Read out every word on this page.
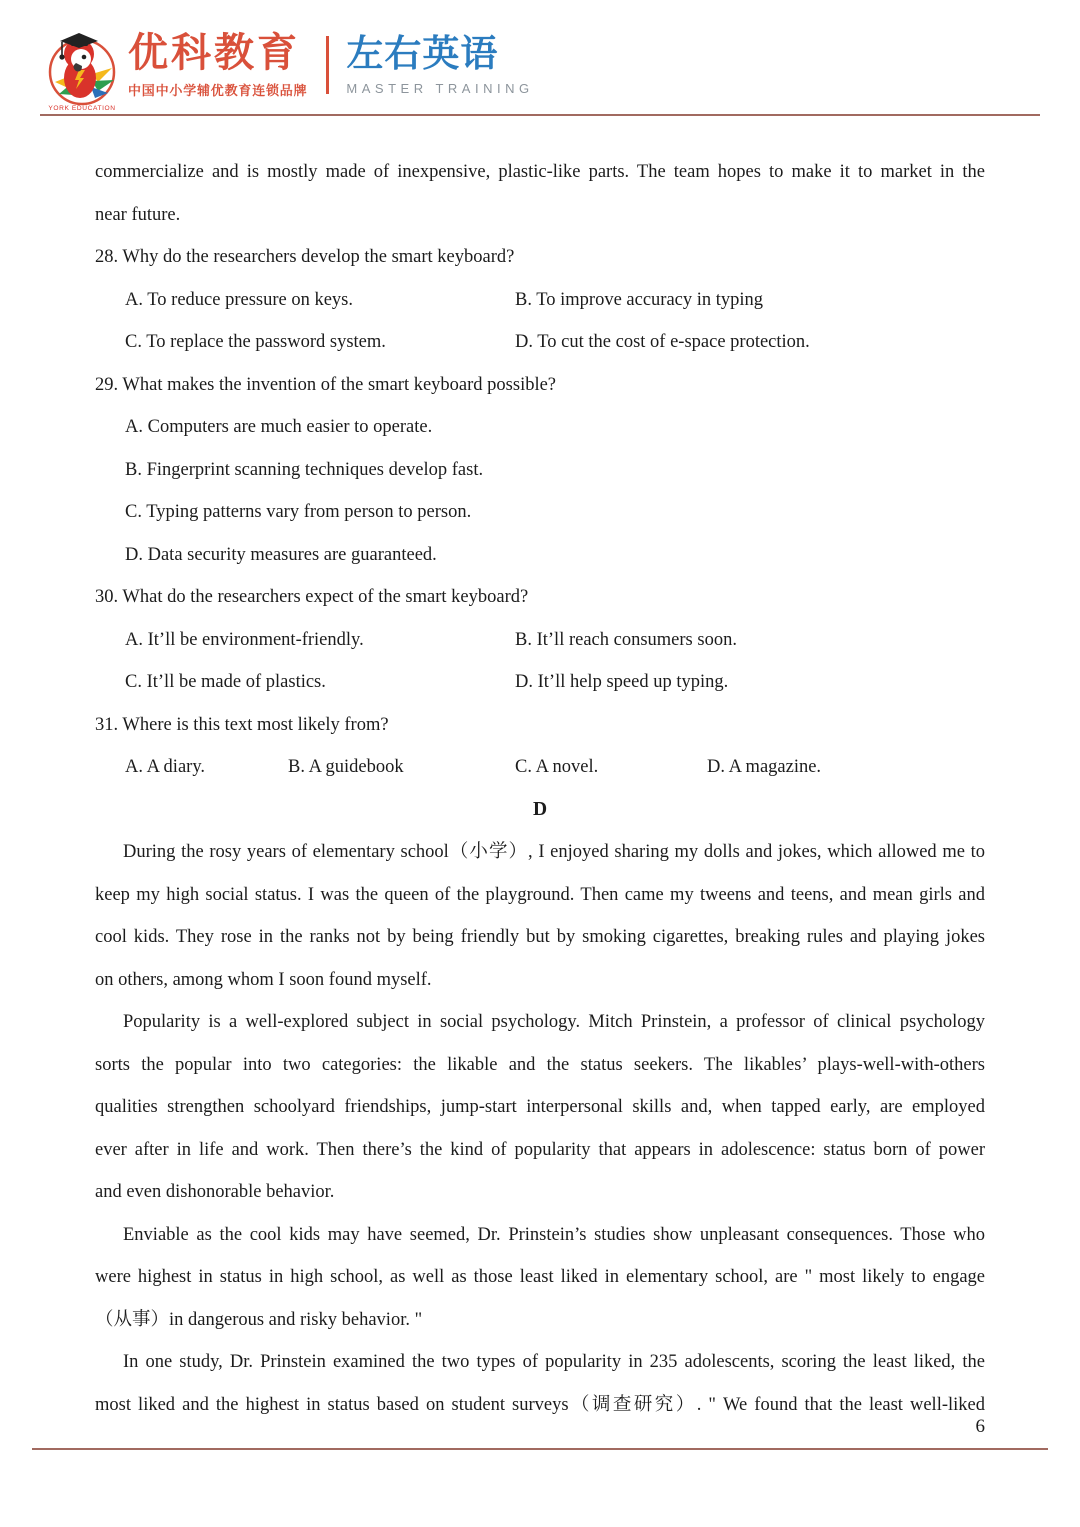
YORK EDUCATION
优科教育
中国中小学辅优教育连锁品牌
左右英语
MASTER TRAINING
commercialize and is mostly made of inexpensive, plastic-like parts. The team hopes to make it to market in the
near future.
28. Why do the researchers develop the smart keyboard?
A. To reduce pressure on keys.	B. To improve accuracy in typing
C. To replace the password system.	D. To cut the cost of e-space protection.
29. What makes the invention of the smart keyboard possible?
A. Computers are much easier to operate.
B. Fingerprint scanning techniques develop fast.
C. Typing patterns vary from person to person.
D. Data security measures are guaranteed.
30. What do the researchers expect of the smart keyboard?
A. It’ll be environment-friendly.	B. It’ll reach consumers soon.
C. It’ll be made of plastics.	D. It’ll help speed up typing.
31. Where is this text most likely from?
A. A diary.	B. A guidebook	C. A novel.	D. A magazine.
D
During the rosy years of elementary school（小学）, I enjoyed sharing my dolls and jokes, which allowed me to
keep my high social status. I was the queen of the playground. Then came my tweens and teens, and mean girls and
cool kids. They rose in the ranks not by being friendly but by smoking cigarettes, breaking rules and playing jokes
on others, among whom I soon found myself.
Popularity is a well-explored subject in social psychology. Mitch Prinstein, a professor of clinical psychology
sorts the popular into two categories: the likable and the status seekers. The likables’ plays-well-with-others
qualities strengthen schoolyard friendships, jump-start interpersonal skills and, when tapped early, are employed
ever after in life and work. Then there’s the kind of popularity that appears in adolescence: status born of power
and even dishonorable behavior.
Enviable as the cool kids may have seemed, Dr. Prinstein’s studies show unpleasant consequences. Those who
were highest in status in high school, as well as those least liked in elementary school, are " most likely to engage
（从事）in dangerous and risky behavior. "
In one study, Dr. Prinstein examined the two types of popularity in 235 adolescents, scoring the least liked, the
most liked and the highest in status based on student surveys（调查研究）. " We found that the least well-liked
6
